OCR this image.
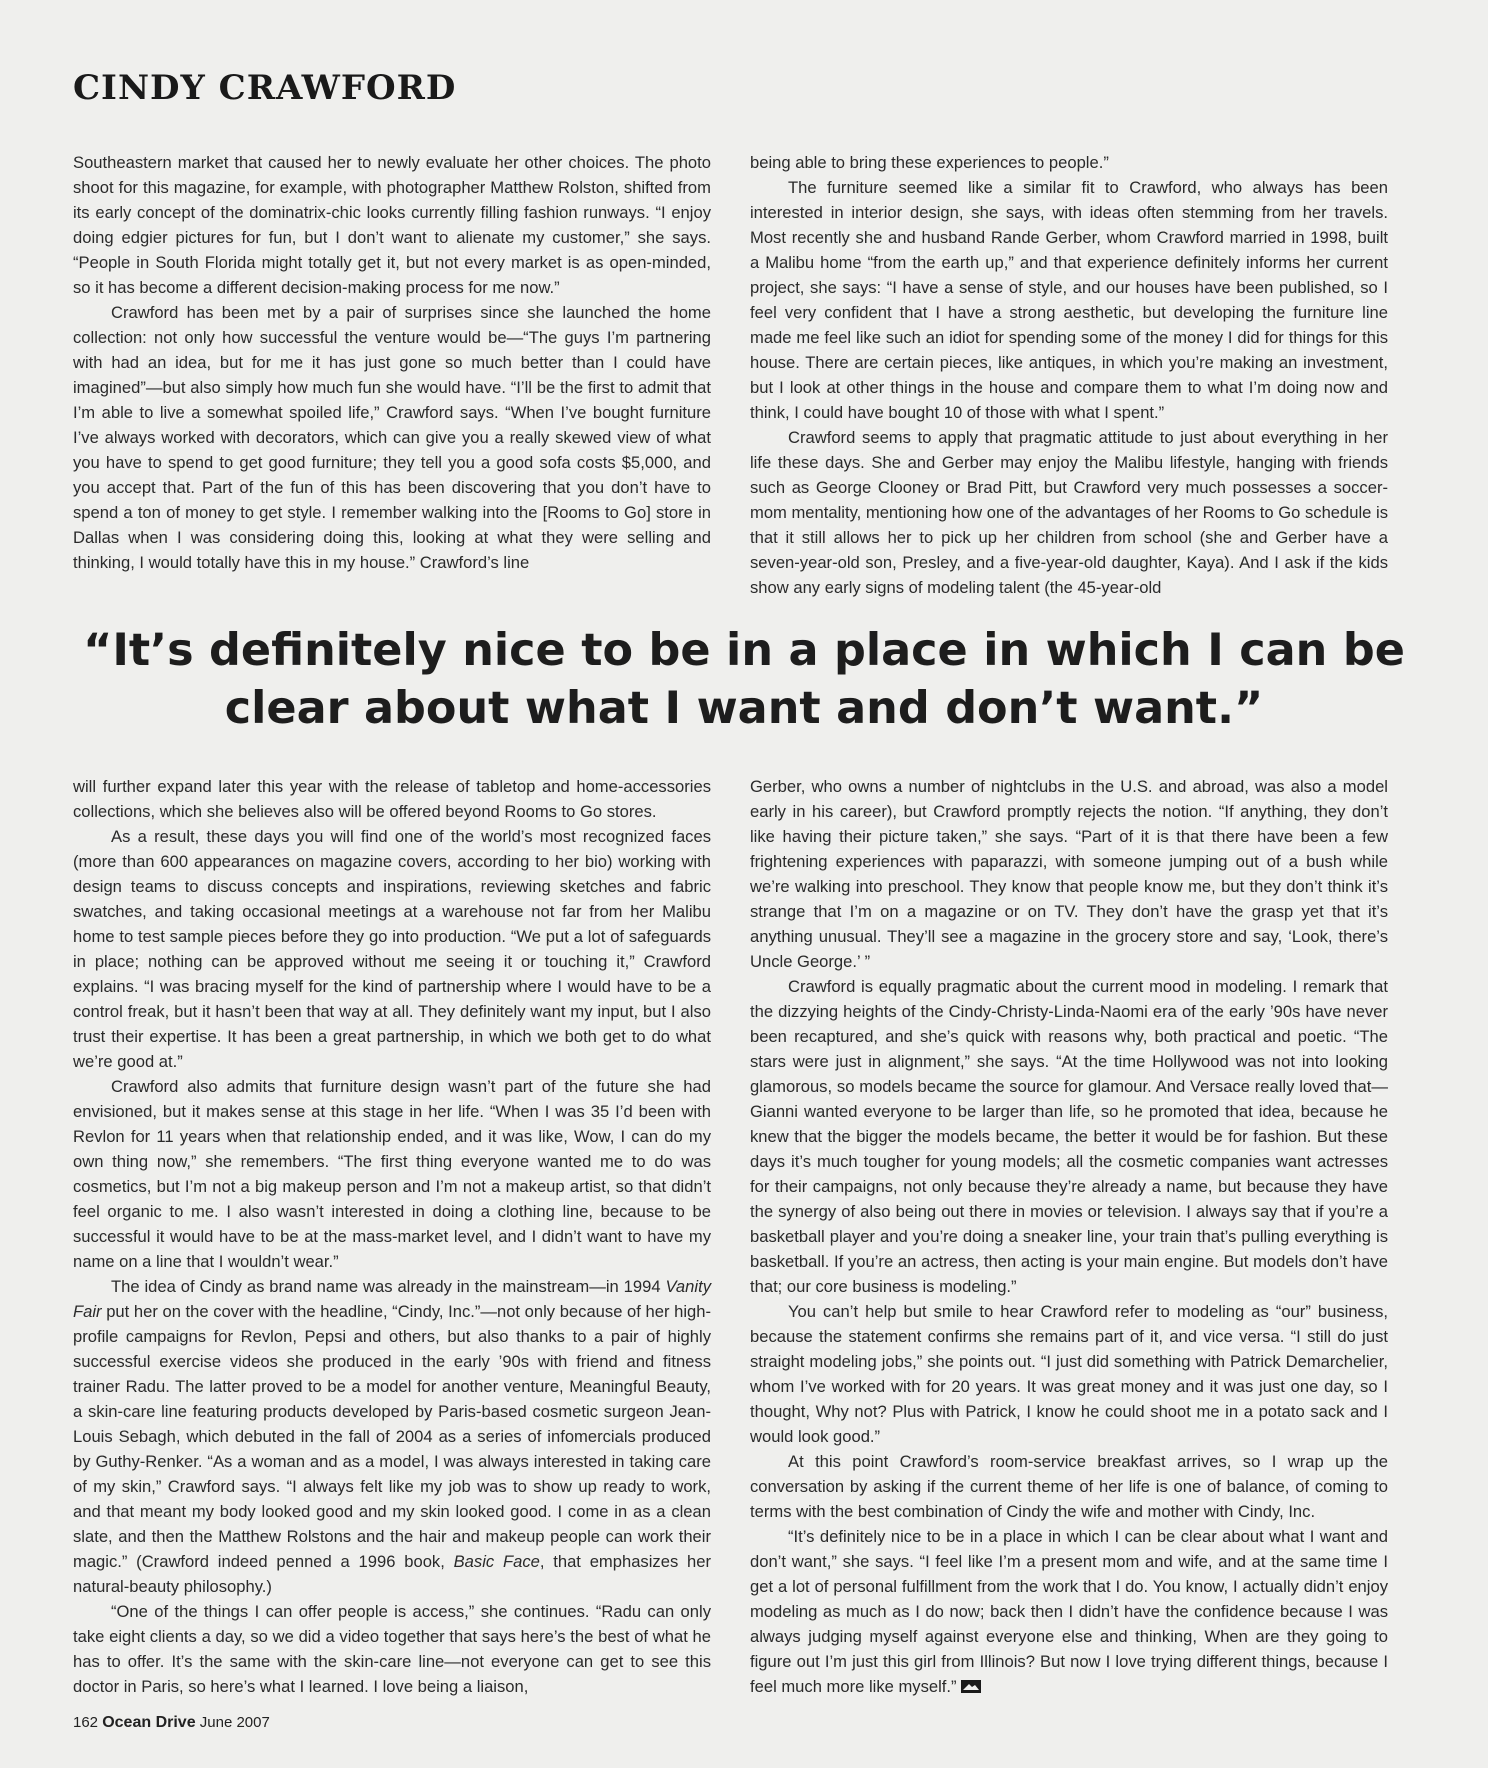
CINDY CRAWFORD

Southeastern market that caused her to newly evaluate her other choices. The photo shoot for this magazine, for example, with photographer Matthew Rolston, shifted from its early concept of the dominatrix-chic looks currently filling fashion runways. “I enjoy doing edgier pictures for fun, but I don’t want to alienate my customer,” she says. “People in South Florida might totally get it, but not every market is as open-minded, so it has become a different decision-making process for me now.”

Crawford has been met by a pair of surprises since she launched the home collection: not only how successful the venture would be—“The guys I’m partnering with had an idea, but for me it has just gone so much better than I could have imagined”—but also simply how much fun she would have. “I’ll be the first to admit that I’m able to live a somewhat spoiled life,” Crawford says. “When I’ve bought furniture I’ve always worked with decorators, which can give you a really skewed view of what you have to spend to get good furniture; they tell you a good sofa costs $5,000, and you accept that. Part of the fun of this has been discovering that you don’t have to spend a ton of money to get style. I remember walking into the [Rooms to Go] store in Dallas when I was considering doing this, looking at what they were selling and thinking, I would totally have this in my house.” Crawford’s line

being able to bring these experiences to people.”

The furniture seemed like a similar fit to Crawford, who always has been interested in interior design, she says, with ideas often stemming from her travels. Most recently she and husband Rande Gerber, whom Crawford married in 1998, built a Malibu home “from the earth up,” and that experience definitely informs her current project, she says: “I have a sense of style, and our houses have been published, so I feel very confident that I have a strong aesthetic, but developing the furniture line made me feel like such an idiot for spending some of the money I did for things for this house. There are certain pieces, like antiques, in which you’re making an investment, but I look at other things in the house and compare them to what I’m doing now and think, I could have bought 10 of those with what I spent.”

Crawford seems to apply that pragmatic attitude to just about everything in her life these days. She and Gerber may enjoy the Malibu lifestyle, hanging with friends such as George Clooney or Brad Pitt, but Crawford very much possesses a soccer-mom mentality, mentioning how one of the advantages of her Rooms to Go schedule is that it still allows her to pick up her children from school (she and Gerber have a seven-year-old son, Presley, and a five-year-old daughter, Kaya). And I ask if the kids show any early signs of modeling talent (the 45-year-old

“It’s definitely nice to be in a place in which I can be
clear about what I want and don’t want.”

will further expand later this year with the release of tabletop and home-accessories collections, which she believes also will be offered beyond Rooms to Go stores.

As a result, these days you will find one of the world’s most recognized faces (more than 600 appearances on magazine covers, according to her bio) working with design teams to discuss concepts and inspirations, reviewing sketches and fabric swatches, and taking occasional meetings at a warehouse not far from her Malibu home to test sample pieces before they go into production. “We put a lot of safeguards in place; nothing can be approved without me seeing it or touching it,” Crawford explains. “I was bracing myself for the kind of partnership where I would have to be a control freak, but it hasn’t been that way at all. They definitely want my input, but I also trust their expertise. It has been a great partnership, in which we both get to do what we’re good at.”

Crawford also admits that furniture design wasn’t part of the future she had envisioned, but it makes sense at this stage in her life. “When I was 35 I’d been with Revlon for 11 years when that relationship ended, and it was like, Wow, I can do my own thing now,” she remembers. “The first thing everyone wanted me to do was cosmetics, but I’m not a big makeup person and I’m not a makeup artist, so that didn’t feel organic to me. I also wasn’t interested in doing a clothing line, because to be successful it would have to be at the mass-market level, and I didn’t want to have my name on a line that I wouldn’t wear.”

The idea of Cindy as brand name was already in the mainstream—in 1994 Vanity Fair put her on the cover with the headline, “Cindy, Inc.”—not only because of her high-profile campaigns for Revlon, Pepsi and others, but also thanks to a pair of highly successful exercise videos she produced in the early ’90s with friend and fitness trainer Radu. The latter proved to be a model for another venture, Meaningful Beauty, a skin-care line featuring products developed by Paris-based cosmetic surgeon Jean-Louis Sebagh, which debuted in the fall of 2004 as a series of infomercials produced by Guthy-Renker. “As a woman and as a model, I was always interested in taking care of my skin,” Crawford says. “I always felt like my job was to show up ready to work, and that meant my body looked good and my skin looked good. I come in as a clean slate, and then the Matthew Rolstons and the hair and makeup people can work their magic.” (Crawford indeed penned a 1996 book, Basic Face, that emphasizes her natural-beauty philosophy.)

“One of the things I can offer people is access,” she continues. “Radu can only take eight clients a day, so we did a video together that says here’s the best of what he has to offer. It’s the same with the skin-care line—not everyone can get to see this doctor in Paris, so here’s what I learned. I love being a liaison,

Gerber, who owns a number of nightclubs in the U.S. and abroad, was also a model early in his career), but Crawford promptly rejects the notion. “If anything, they don’t like having their picture taken,” she says. “Part of it is that there have been a few frightening experiences with paparazzi, with someone jumping out of a bush while we’re walking into preschool. They know that people know me, but they don’t think it’s strange that I’m on a magazine or on TV. They don’t have the grasp yet that it’s anything unusual. They’ll see a magazine in the grocery store and say, ‘Look, there’s Uncle George.’ ”

Crawford is equally pragmatic about the current mood in modeling. I remark that the dizzying heights of the Cindy-Christy-Linda-Naomi era of the early ’90s have never been recaptured, and she’s quick with reasons why, both practical and poetic. “The stars were just in alignment,” she says. “At the time Hollywood was not into looking glamorous, so models became the source for glamour. And Versace really loved that—Gianni wanted everyone to be larger than life, so he promoted that idea, because he knew that the bigger the models became, the better it would be for fashion. But these days it’s much tougher for young models; all the cosmetic companies want actresses for their campaigns, not only because they’re already a name, but because they have the synergy of also being out there in movies or television. I always say that if you’re a basketball player and you’re doing a sneaker line, your train that’s pulling everything is basketball. If you’re an actress, then acting is your main engine. But models don’t have that; our core business is modeling.”

You can’t help but smile to hear Crawford refer to modeling as “our” business, because the statement confirms she remains part of it, and vice versa. “I still do just straight modeling jobs,” she points out. “I just did something with Patrick Demarchelier, whom I’ve worked with for 20 years. It was great money and it was just one day, so I thought, Why not? Plus with Patrick, I know he could shoot me in a potato sack and I would look good.”

At this point Crawford’s room-service breakfast arrives, so I wrap up the conversation by asking if the current theme of her life is one of balance, of coming to terms with the best combination of Cindy the wife and mother with Cindy, Inc.

“It’s definitely nice to be in a place in which I can be clear about what I want and don’t want,” she says. “I feel like I’m a present mom and wife, and at the same time I get a lot of personal fulfillment from the work that I do. You know, I actually didn’t enjoy modeling as much as I do now; back then I didn’t have the confidence because I was always judging myself against everyone else and thinking, When are they going to figure out I’m just this girl from Illinois? But now I love trying different things, because I feel much more like myself.”

162 Ocean Drive June 2007
